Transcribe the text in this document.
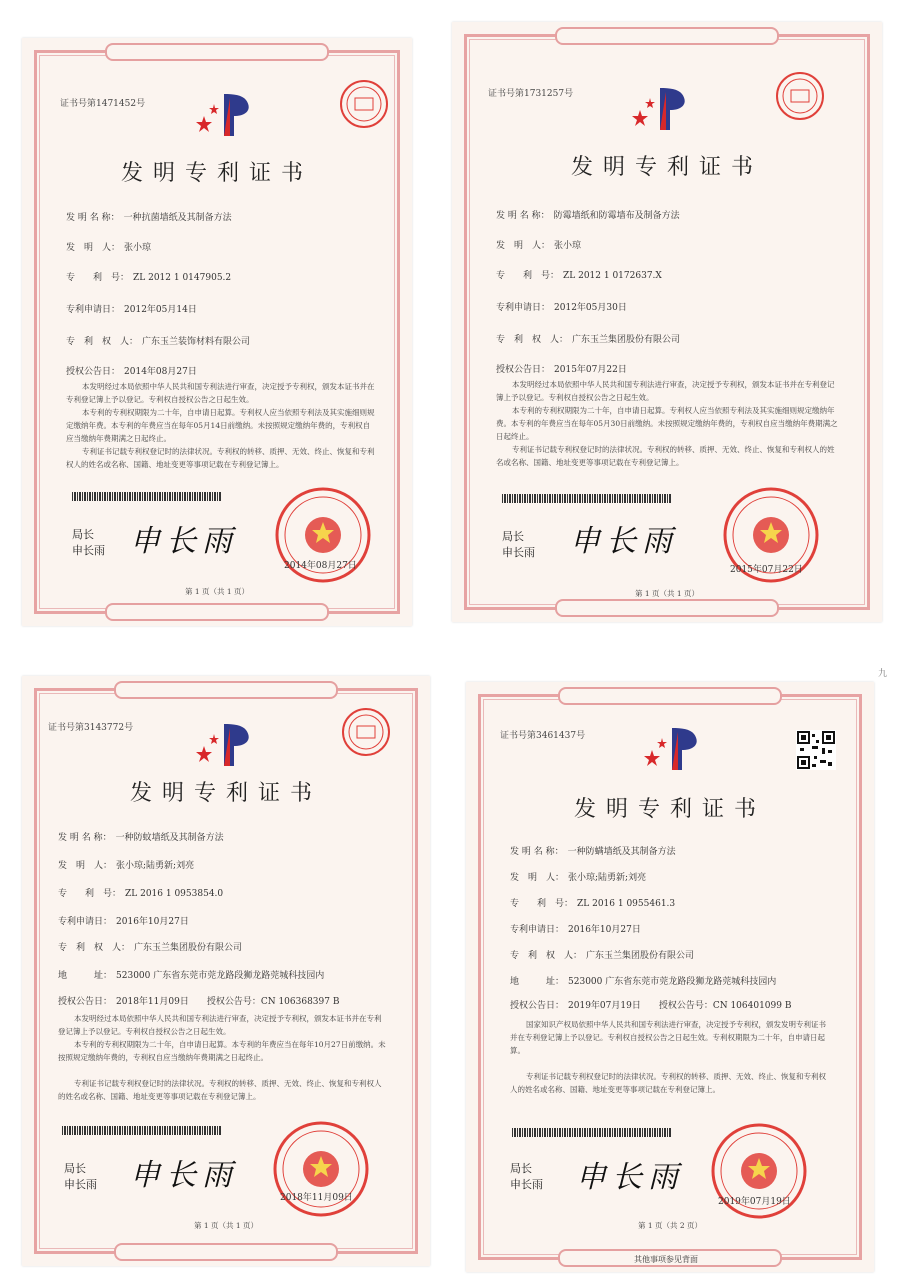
证书号第1471452号
发明专利证书
发 明 名 称： 一种抗菌墙纸及其制备方法
发　明　人： 张小琼
专　　利　号： ZL 2012 1 0147905.2
专利申请日： 2012年05月14日
专　利　权　人： 广东玉兰装饰材料有限公司
授权公告日： 2014年08月27日
本发明经过本局依照中华人民共和国专利法进行审查，决定授予专利权，颁发本证书并在专利登记簿上予以登记。专利权自授权公告之日起生效。
本专利的专利权期限为二十年，自申请日起算。专利权人应当依照专利法及其实施细则规定缴纳年费。本专利的年费应当在每年05月14日前缴纳。未按照规定缴纳年费的，专利权自应当缴纳年费期满之日起终止。
专利证书记载专利权登记时的法律状况。专利权的转移、质押、无效、终止、恢复和专利权人的姓名或名称、国籍、地址变更等事项记载在专利登记簿上。
局长
申长雨 申长雨
2014年08月27日
第 1 页（共 1 页）
证书号第1731257号
发明专利证书
发 明 名 称： 防霉墙纸和防霉墙布及制备方法
发　明　人： 张小琼
专　　利　号： ZL 2012 1 0172637.X
专利申请日： 2012年05月30日
专　利　权　人： 广东玉兰集团股份有限公司
授权公告日： 2015年07月22日
本发明经过本局依照中华人民共和国专利法进行审查，决定授予专利权，颁发本证书并在专利登记簿上予以登记。专利权自授权公告之日起生效。
本专利的专利权期限为二十年，自申请日起算。专利权人应当依照专利法及其实施细则规定缴纳年费。本专利的年费应当在每年05月30日前缴纳。未按照规定缴纳年费的，专利权自应当缴纳年费期满之日起终止。
专利证书记载专利权登记时的法律状况。专利权的转移、质押、无效、终止、恢复和专利权人的姓名或名称、国籍、地址变更等事项记载在专利登记簿上。
局长
申长雨 申长雨
2015年07月22日
第 1 页（共 1 页）
证书号第3143772号
发明专利证书
发 明 名 称： 一种防蚊墙纸及其制备方法
发　明　人： 张小琼;陆勇新;刘亮
专　　利　号： ZL 2016 1 0953854.0
专利申请日： 2016年10月27日
专　利　权　人： 广东玉兰集团股份有限公司
地　　　址： 523000 广东省东莞市莞龙路段狮龙路莞城科技园内
授权公告日： 2018年11月09日　　授权公告号：CN 106368397 B
本发明经过本局依照中华人民共和国专利法进行审查，决定授予专利权，颁发本证书并在专利登记簿上予以登记。专利权自授权公告之日起生效。
本专利的专利权期限为二十年，自申请日起算。本专利的年费应当在每年10月27日前缴纳。未按照规定缴纳年费的，专利权自应当缴纳年费期满之日起终止。
专利证书记载专利权登记时的法律状况。专利权的转移、质押、无效、终止、恢复和专利权人的姓名或名称、国籍、地址变更等事项记载在专利登记簿上。
局长
申长雨 申长雨
2018年11月09日
第 1 页（共 1 页）
证书号第3461437号
发明专利证书
发 明 名 称： 一种防螨墙纸及其制备方法
发　明　人： 张小琼;陆勇新;刘亮
专　　利　号： ZL 2016 1 0955461.3
专利申请日： 2016年10月27日
专　利　权　人： 广东玉兰集团股份有限公司
地　　　址： 523000 广东省东莞市莞龙路段狮龙路莞城科技园内
授权公告日： 2019年07月19日　　授权公告号：CN 106401099 B
国家知识产权局依照中华人民共和国专利法进行审查，决定授予专利权，颁发发明专利证书并在专利登记簿上予以登记。专利权自授权公告之日起生效。专利权期限为二十年，自申请日起算。
专利证书记载专利权登记时的法律状况。专利权的转移、质押、无效、终止、恢复和专利权人的姓名或名称、国籍、地址变更等事项记载在专利登记簿上。
局长
申长雨 申长雨
2019年07月19日
第 1 页（共 2 页）
其他事项参见背面
九
